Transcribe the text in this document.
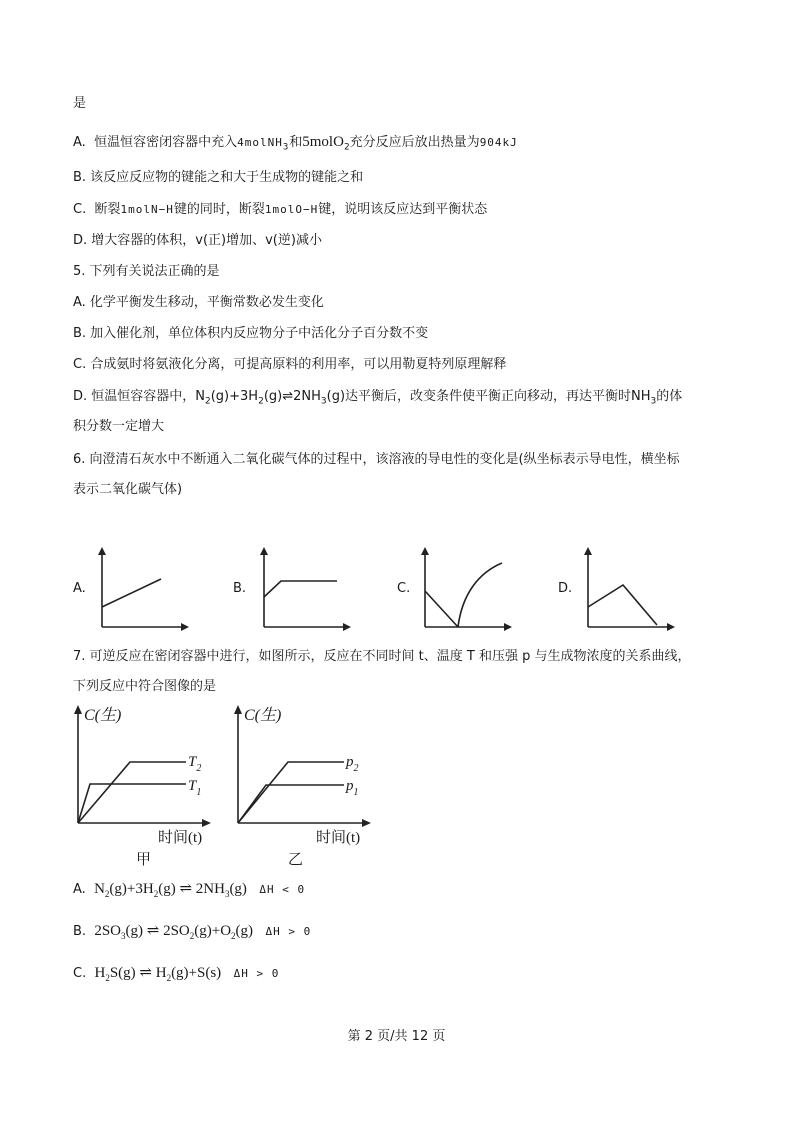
是
A. 恒温恒容密闭容器中充入4molNH$_3$和5molO$_2$充分反应后放出热量为904kJ
B. 该反应反应物的键能之和大于生成物的键能之和
C. 断裂1molN−H键的同时，断裂1molO−H键，说明该反应达到平衡状态
D. 增大容器的体积，v(正)增加、v(逆)减小
5. 下列有关说法正确的是
A. 化学平衡发生移动，平衡常数必发生变化
B. 加入催化剂，单位体积内反应物分子中活化分子百分数不变
C. 合成氨时将氨液化分离，可提高原料的利用率，可以用勒夏特列原理解释
D. 恒温恒容容器中，$N_2(g)+3H_2(g)\rightleftharpoons 2NH_3(g)$达平衡后，改变条件使平衡正向移动，再达平衡时$NH_3$的体
积分数一定增大
6. 向澄清石灰水中不断通入二氧化碳气体的过程中，该溶液的导电性的变化是(纵坐标表示导电性，横坐标
表示二氧化碳气体)
A.	B.	C.	D.
7. 可逆反应在密闭容器中进行，如图所示，反应在不同时间 t、温度 T 和压强 p 与生成物浓度的关系曲线，
下列反应中符合图像的是
C(生)
$T_2$
$T_1$
时间(t)
甲
C(生)
$p_2$
$p_1$
时间(t)
乙
A. $N_2(g)+3H_2(g)$ ⇌ $2NH_3(g) \Delta H < 0$
B. $2SO_3(g)$ ⇌ $2SO_2(g)+O_2(g) \Delta H > 0$
C. $H_2S(g)$ ⇌ $H_2(g)+S(s) \Delta H > 0$
第 2 页/共 12 页
